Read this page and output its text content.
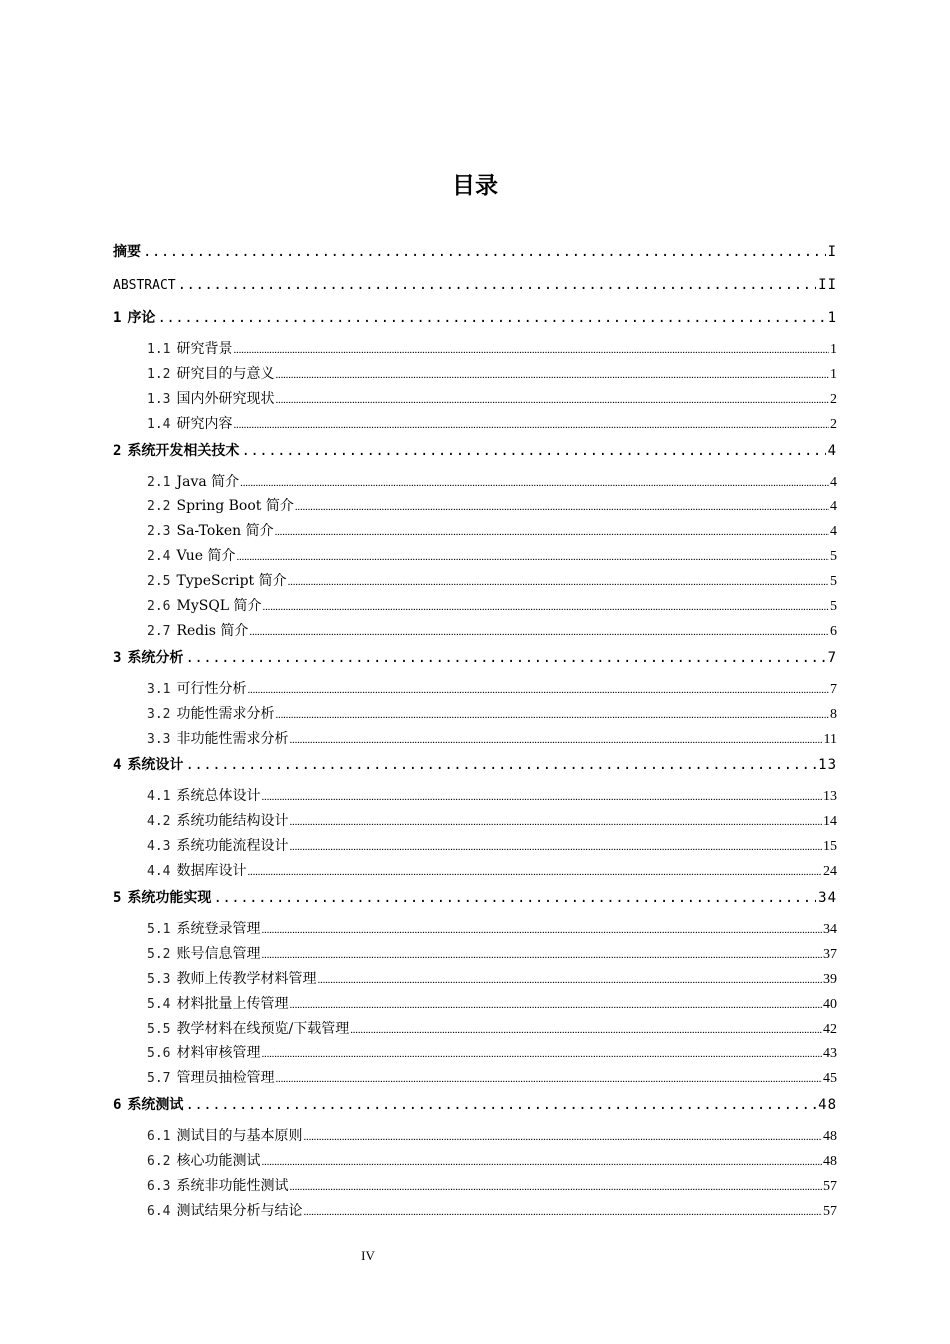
目录
摘要 .....	I
ABSTRACT .....	II
1 序论 .....	1
1.1 研究背景 .....	1
1.2 研究目的与意义 .....	1
1.3 国内外研究现状 .....	2
1.4 研究内容 .....	2
2 系统开发相关技术 .....	4
2.1 Java 简介 .....	4
2.2 Spring Boot 简介 .....	4
2.3 Sa-Token 简介 .....	4
2.4 Vue 简介 .....	5
2.5 TypeScript 简介 .....	5
2.6 MySQL 简介 .....	5
2.7 Redis 简介 .....	6
3 系统分析 .....	7
3.1 可行性分析 .....	7
3.2 功能性需求分析 .....	8
3.3 非功能性需求分析 .....	11
4 系统设计 .....	13
4.1 系统总体设计 .....	13
4.2 系统功能结构设计 .....	14
4.3 系统功能流程设计 .....	15
4.4 数据库设计 .....	24
5 系统功能实现 .....	34
5.1 系统登录管理 .....	34
5.2 账号信息管理 .....	37
5.3 教师上传教学材料管理 .....	39
5.4 材料批量上传管理 .....	40
5.5 教学材料在线预览/下载管理 .....	42
5.6 材料审核管理 .....	43
5.7 管理员抽检管理 .....	45
6 系统测试 .....	48
6.1 测试目的与基本原则 .....	48
6.2 核心功能测试 .....	48
6.3 系统非功能性测试 .....	57
6.4 测试结果分析与结论 .....	57
IV
